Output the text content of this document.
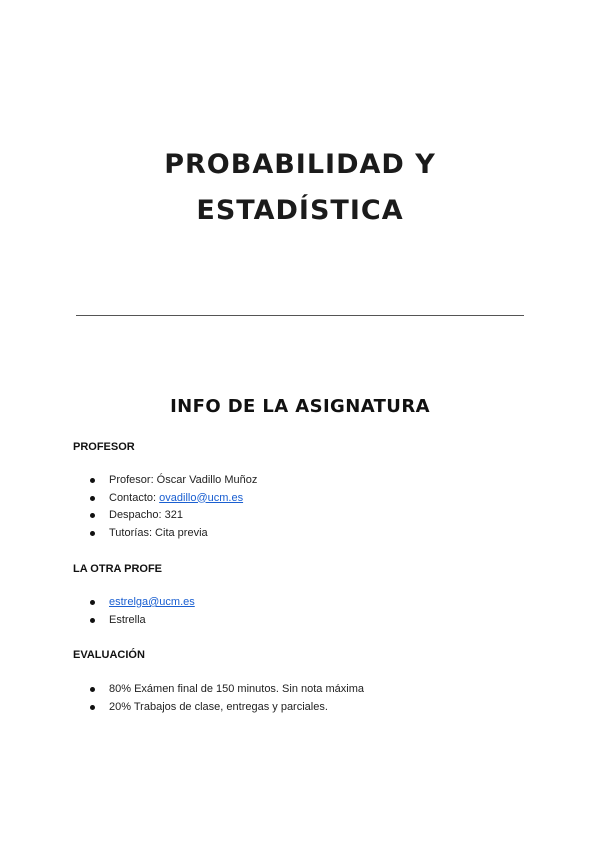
PROBABILIDAD Y
ESTADÍSTICA
INFO DE LA ASIGNATURA
PROFESOR
Profesor: Óscar Vadillo Muñoz
Contacto: ovadillo@ucm.es
Despacho: 321
Tutorías: Cita previa
LA OTRA PROFE
estrelga@ucm.es
Estrella
EVALUACIÓN
80% Exámen final de 150 minutos. Sin nota máxima
20% Trabajos de clase, entregas y parciales.
